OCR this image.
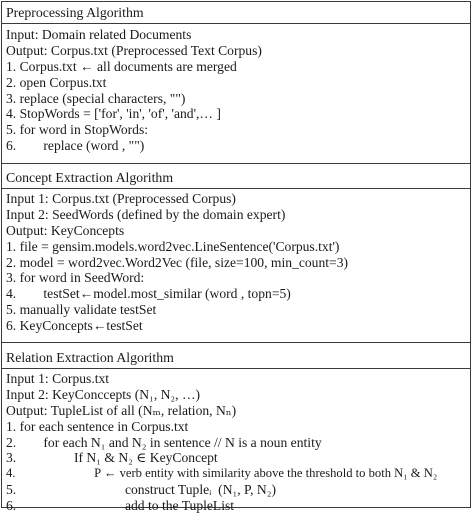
Preprocessing Algorithm
Input: Domain related Documents
Output: Corpus.txt (Preprocessed Text Corpus)
1. Corpus.txt ← all documents are merged
2. open Corpus.txt
3. replace (special characters, "")
4. StopWords = ['for', 'in', 'of', 'and',… ]
5. for word in StopWords:
6.        replace (word , "")
Concept Extraction Algorithm
Input 1: Corpus.txt (Preprocessed Corpus)
Input 2: SeedWords (defined by the domain expert)
Output: KeyConcepts
1. file = gensim.models.word2vec.LineSentence('Corpus.txt')
2. model = word2vec.Word2Vec (file, size=100, min_count=3)
3. for word in SeedWord:
4.        testSet←model.most_similar (word , topn=5)
5. manually validate testSet
6. KeyConcepts←testSet
Relation Extraction Algorithm
Input 1: Corpus.txt
Input 2: KeyConccepts (N₁, N₂, …)
Output: TupleList of all (Nₘ, relation, Nₙ)
1. for each sentence in Corpus.txt
2.        for each N₁ and N₂ in sentence // N is a noun entity
3.                 If N₁ & N₂ ∈ KeyConcept
4.                         P ← verb entity with similarity above the threshold to both N₁ & N₂
5.                                construct Tupleᵢ  (N₁, P, N₂)
6.                                add to the TupleList
